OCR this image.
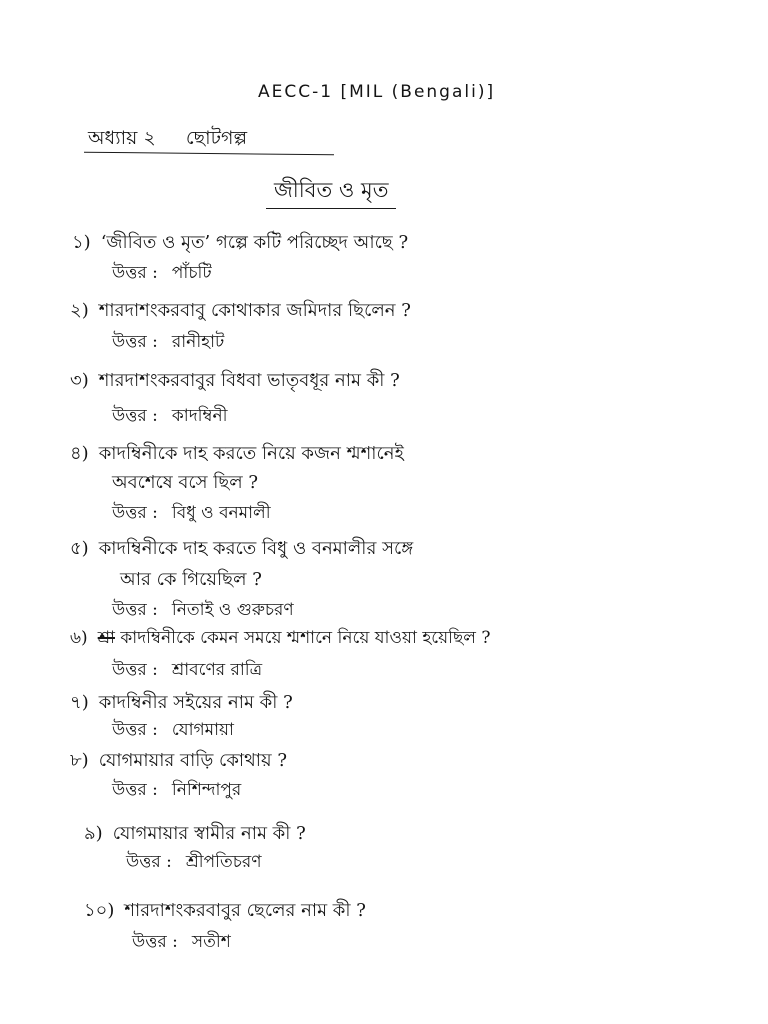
AECC-1 [MIL (Bengali)]
অধ্যায় ২ ছোটগল্প
জীবিত ও মৃত
১) ‘জীবিত ও মৃত’ গল্পে কটি পরিচ্ছেদ আছে ?
উত্তর : পাঁচটি
২) শারদাশংকরবাবু কোথাকার জমিদার ছিলেন ?
উত্তর : রানীহাট
৩) শারদাশংকরবাবুর বিধবা ভাতৃবধূর নাম কী ?
উত্তর : কাদম্বিনী
৪) কাদম্বিনীকে দাহ করতে নিয়ে কজন শ্মশানেই
অবশেষে বসে ছিল ?
উত্তর : বিধু ও বনমালী
৫) কাদম্বিনীকে দাহ করতে বিধু ও বনমালীর সঙ্গে
আর কে গিয়েছিল ?
উত্তর : নিতাই ও গুরুচরণ
৬) শ্রা কাদম্বিনীকে কেমন সময়ে শ্মশানে নিয়ে যাওয়া হয়েছিল ?
উত্তর : শ্রাবণের রাত্রি
৭) কাদম্বিনীর সইয়ের নাম কী ?
উত্তর : যোগমায়া
৮) যোগমায়ার বাড়ি কোথায় ?
উত্তর : নিশিন্দাপুর
৯) যোগমায়ার স্বামীর নাম কী ?
উত্তর : শ্রীপতিচরণ
১০) শারদাশংকরবাবুর ছেলের নাম কী ?
উত্তর : সতীশ
